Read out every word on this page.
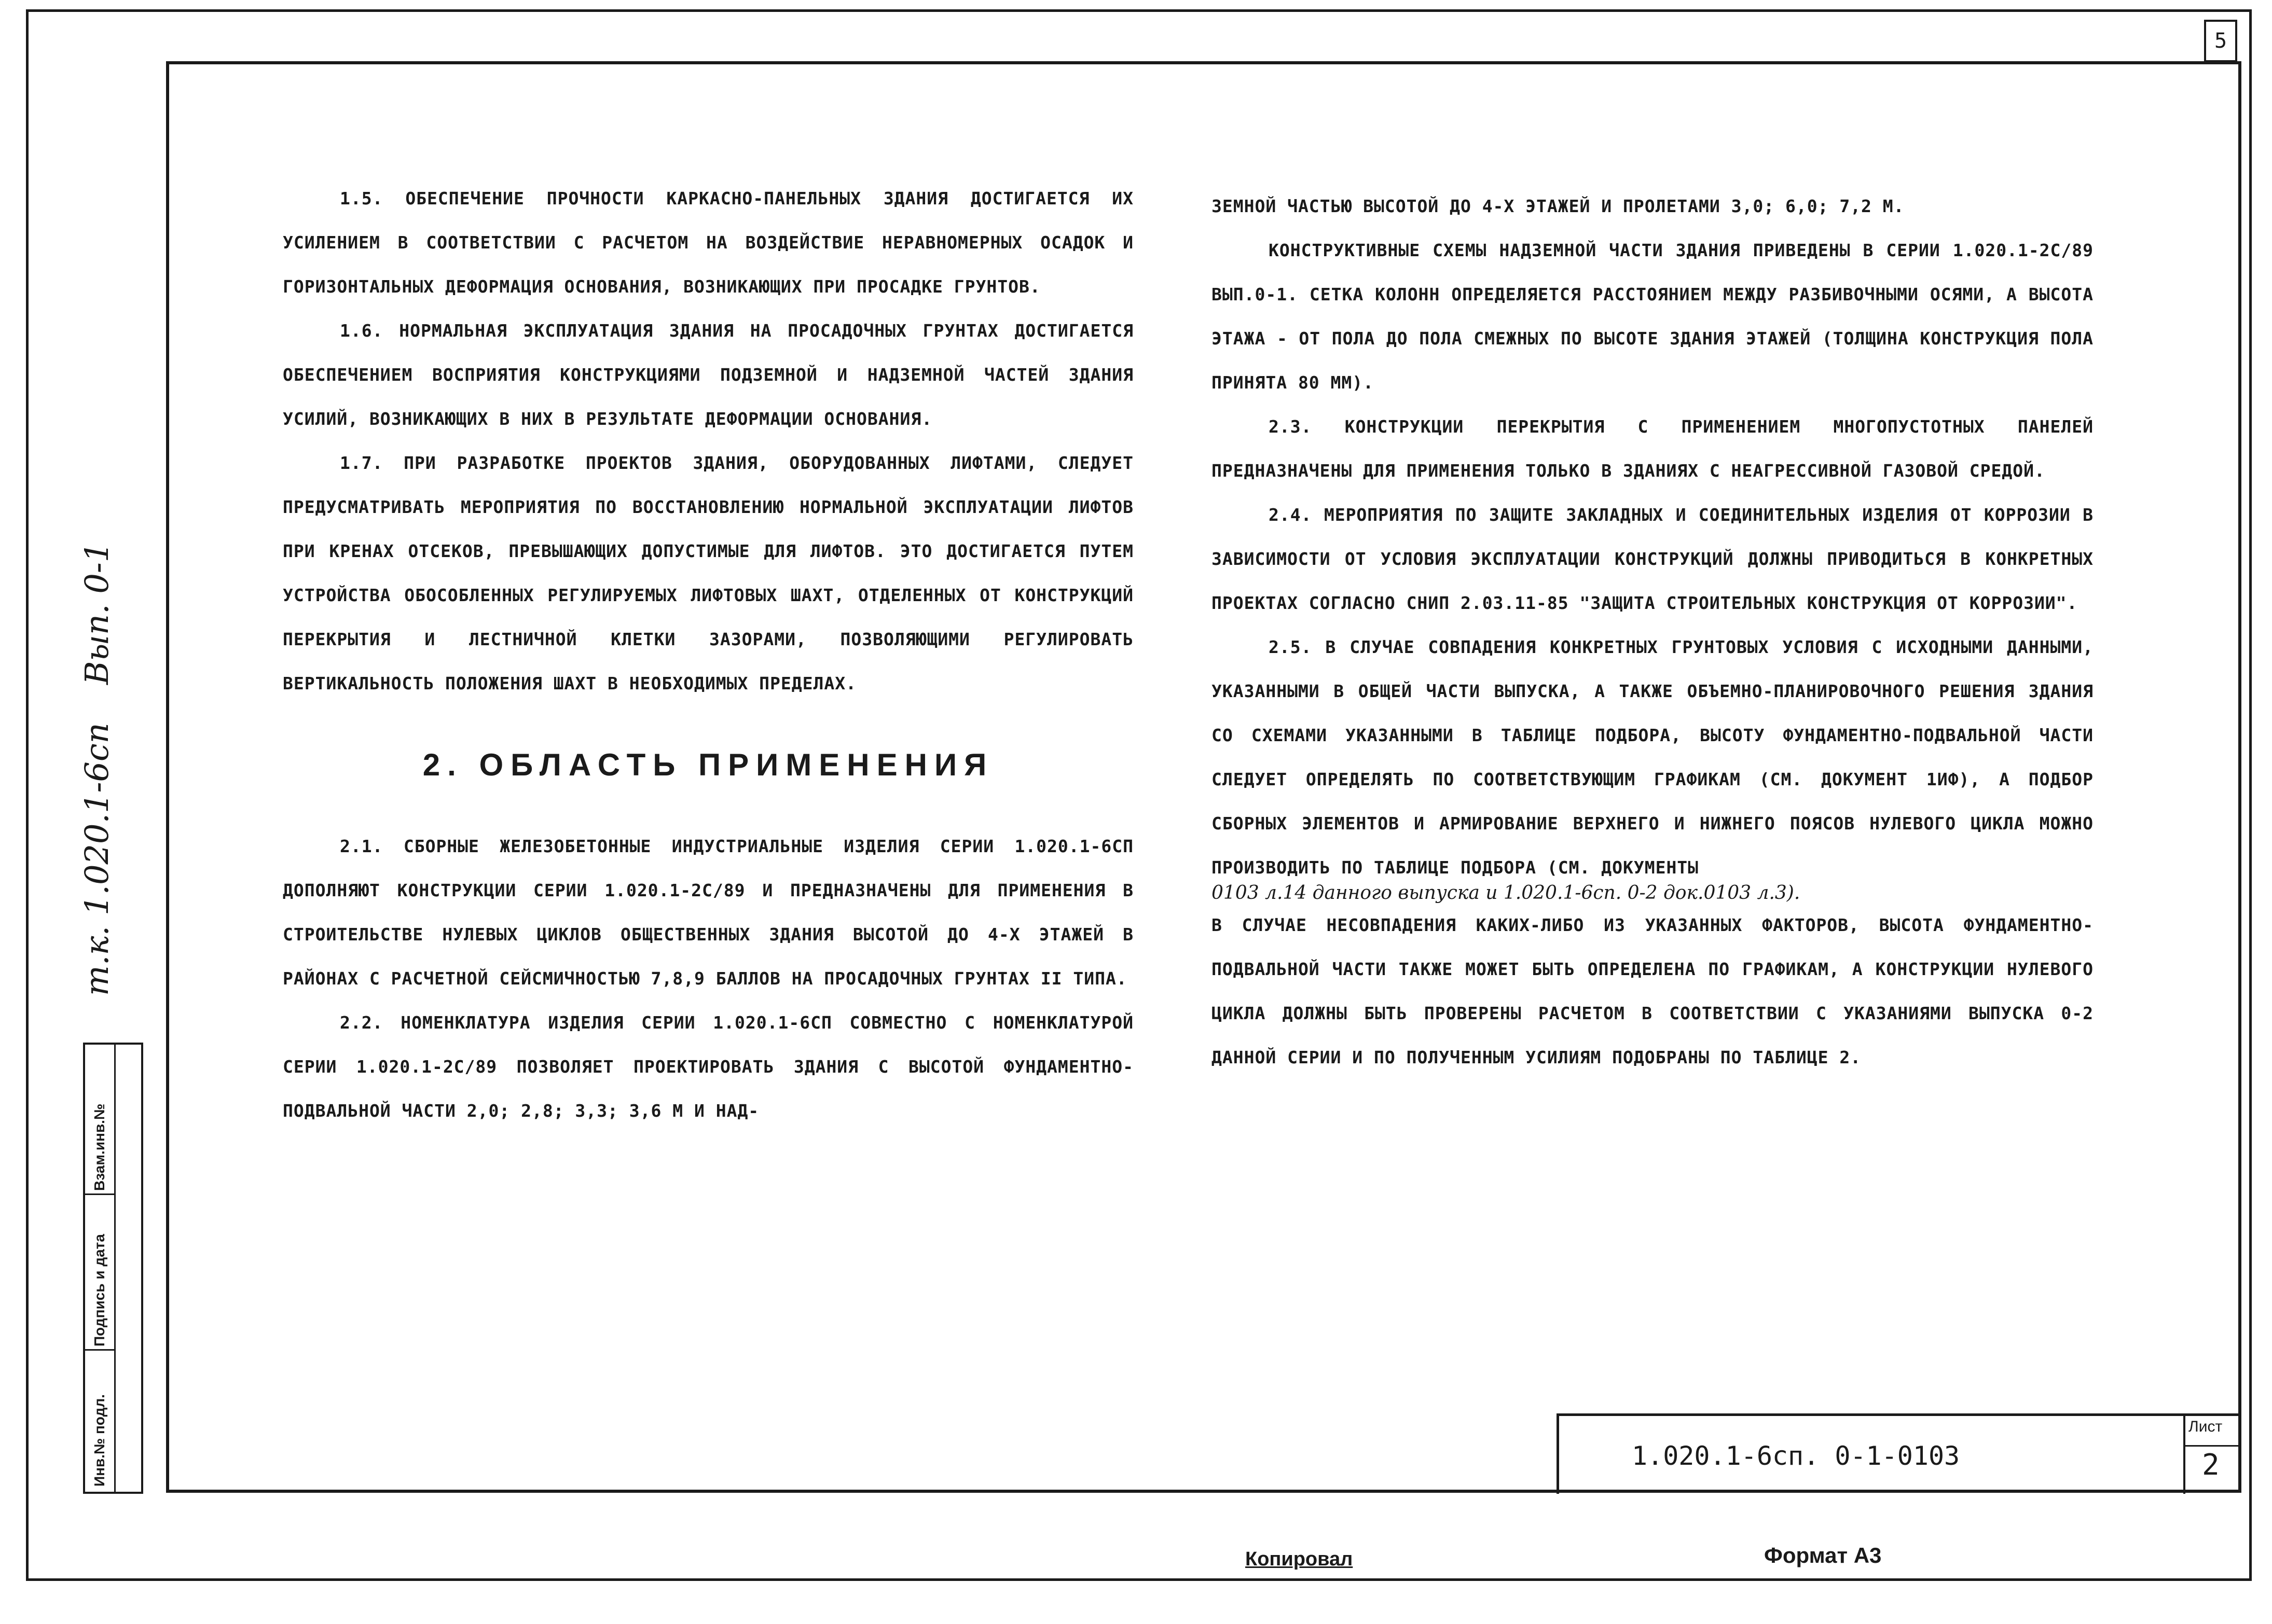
5
Вып. 0-1
т.к. 1.020.1-6сп
Взам.инв.№
Подпись и дата
Инв.№ подл.

1.5. ОБЕСПЕЧЕНИЕ ПРОЧНОСТИ КАРКАСНО-ПАНЕЛЬНЫХ ЗДАНИЯ ДОСТИГАЕТСЯ ИХ УСИЛЕНИЕМ В СООТВЕТСТВИИ С РАСЧЕТОМ НА ВОЗДЕЙСТВИЕ НЕРАВНОМЕРНЫХ ОСАДОК И ГОРИЗОНТАЛЬНЫХ ДЕФОРМАЦИЯ ОСНОВАНИЯ, ВОЗНИКАЮЩИХ ПРИ ПРОСАДКЕ ГРУНТОВ.

1.6. НОРМАЛЬНАЯ ЭКСПЛУАТАЦИЯ ЗДАНИЯ НА ПРОСАДОЧНЫХ ГРУНТАХ ДОСТИГАЕТСЯ ОБЕСПЕЧЕНИЕМ ВОСПРИЯТИЯ КОНСТРУКЦИЯМИ ПОДЗЕМНОЙ И НАДЗЕМНОЙ ЧАСТЕЙ ЗДАНИЯ УСИЛИЙ, ВОЗНИКАЮЩИХ В НИХ В РЕЗУЛЬТАТЕ ДЕФОРМАЦИИ ОСНОВАНИЯ.

1.7. ПРИ РАЗРАБОТКЕ ПРОЕКТОВ ЗДАНИЯ, ОБОРУДОВАННЫХ ЛИФТАМИ, СЛЕДУЕТ ПРЕДУСМАТРИВАТЬ МЕРОПРИЯТИЯ ПО ВОССТАНОВЛЕНИЮ НОРМАЛЬНОЙ ЭКСПЛУАТАЦИИ ЛИФТОВ ПРИ КРЕНАХ ОТСЕКОВ, ПРЕВЫШАЮЩИХ ДОПУСТИМЫЕ ДЛЯ ЛИФТОВ. ЭТО ДОСТИГАЕТСЯ ПУТЕМ УСТРОЙСТВА ОБОСОБЛЕННЫХ РЕГУЛИРУЕМЫХ ЛИФТОВЫХ ШАХТ, ОТДЕЛЕННЫХ ОТ КОНСТРУКЦИЙ ПЕРЕКРЫТИЯ И ЛЕСТНИЧНОЙ КЛЕТКИ ЗАЗОРАМИ, ПОЗВОЛЯЮЩИМИ РЕГУЛИРОВАТЬ ВЕРТИКАЛЬНОСТЬ ПОЛОЖЕНИЯ ШАХТ В НЕОБХОДИМЫХ ПРЕДЕЛАХ.

2. ОБЛАСТЬ ПРИМЕНЕНИЯ

2.1. СБОРНЫЕ ЖЕЛЕЗОБЕТОННЫЕ ИНДУСТРИАЛЬНЫЕ ИЗДЕЛИЯ СЕРИИ 1.020.1-6СП ДОПОЛНЯЮТ КОНСТРУКЦИИ СЕРИИ 1.020.1-2С/89 И ПРЕДНАЗНАЧЕНЫ ДЛЯ ПРИМЕНЕНИЯ В СТРОИТЕЛЬСТВЕ НУЛЕВЫХ ЦИКЛОВ ОБЩЕСТВЕННЫХ ЗДАНИЯ ВЫСОТОЙ ДО 4-Х ЭТАЖЕЙ В РАЙОНАХ С РАСЧЕТНОЙ СЕЙСМИЧНОСТЬЮ 7,8,9 БАЛЛОВ НА ПРОСАДОЧНЫХ ГРУНТАХ II ТИПА.

2.2. НОМЕНКЛАТУРА ИЗДЕЛИЯ СЕРИИ 1.020.1-6СП СОВМЕСТНО С НОМЕНКЛАТУРОЙ СЕРИИ 1.020.1-2С/89 ПОЗВОЛЯЕТ ПРОЕКТИРОВАТЬ ЗДАНИЯ С ВЫСОТОЙ ФУНДАМЕНТНО-ПОДВАЛЬНОЙ ЧАСТИ 2,0; 2,8; 3,3; 3,6 М И НАД-

ЗЕМНОЙ ЧАСТЬЮ ВЫСОТОЙ ДО 4-Х ЭТАЖЕЙ И ПРОЛЕТАМИ 3,0; 6,0; 7,2 М.

КОНСТРУКТИВНЫЕ СХЕМЫ НАДЗЕМНОЙ ЧАСТИ ЗДАНИЯ ПРИВЕДЕНЫ В СЕРИИ 1.020.1-2С/89 ВЫП.0-1. СЕТКА КОЛОНН ОПРЕДЕЛЯЕТСЯ РАССТОЯНИЕМ МЕЖДУ РАЗБИВОЧНЫМИ ОСЯМИ, А ВЫСОТА ЭТАЖА - ОТ ПОЛА ДО ПОЛА СМЕЖНЫХ ПО ВЫСОТЕ ЗДАНИЯ ЭТАЖЕЙ (ТОЛЩИНА КОНСТРУКЦИЯ ПОЛА ПРИНЯТА 80 ММ).

2.3. КОНСТРУКЦИИ ПЕРЕКРЫТИЯ С ПРИМЕНЕНИЕМ МНОГОПУСТОТНЫХ ПАНЕЛЕЙ ПРЕДНАЗНАЧЕНЫ ДЛЯ ПРИМЕНЕНИЯ ТОЛЬКО В ЗДАНИЯХ С НЕАГРЕССИВНОЙ ГАЗОВОЙ СРЕДОЙ.

2.4. МЕРОПРИЯТИЯ ПО ЗАЩИТЕ ЗАКЛАДНЫХ И СОЕДИНИТЕЛЬНЫХ ИЗДЕЛИЯ ОТ КОРРОЗИИ В ЗАВИСИМОСТИ ОТ УСЛОВИЯ ЭКСПЛУАТАЦИИ КОНСТРУКЦИЙ ДОЛЖНЫ ПРИВОДИТЬСЯ В КОНКРЕТНЫХ ПРОЕКТАХ СОГЛАСНО СНИП 2.03.11-85 "ЗАЩИТА СТРОИТЕЛЬНЫХ КОНСТРУКЦИЯ ОТ КОРРОЗИИ".

2.5. В СЛУЧАЕ СОВПАДЕНИЯ КОНКРЕТНЫХ ГРУНТОВЫХ УСЛОВИЯ С ИСХОДНЫМИ ДАННЫМИ, УКАЗАННЫМИ В ОБЩЕЙ ЧАСТИ ВЫПУСКА, А ТАКЖЕ ОБЪЕМНО-ПЛАНИРОВОЧНОГО РЕШЕНИЯ ЗДАНИЯ СО СХЕМАМИ УКАЗАННЫМИ В ТАБЛИЦЕ ПОДБОРА, ВЫСОТУ ФУНДАМЕНТНО-ПОДВАЛЬНОЙ ЧАСТИ СЛЕДУЕТ ОПРЕДЕЛЯТЬ ПО СООТВЕТСТВУЮЩИМ ГРАФИКАМ (СМ. ДОКУМЕНТ 1ИФ), А ПОДБОР СБОРНЫХ ЭЛЕМЕНТОВ И АРМИРОВАНИЕ ВЕРХНЕГО И НИЖНЕГО ПОЯСОВ НУЛЕВОГО ЦИКЛА МОЖНО ПРОИЗВОДИТЬ ПО ТАБЛИЦЕ ПОДБОРА (СМ. ДОКУМЕНТЫ

0103 л.14 данного выпуска и 1.020.1-6сп. 0-2 док.0103 л.3).

В СЛУЧАЕ НЕСОВПАДЕНИЯ КАКИХ-ЛИБО ИЗ УКАЗАННЫХ ФАКТОРОВ, ВЫСОТА ФУНДАМЕНТНО-ПОДВАЛЬНОЙ ЧАСТИ ТАКЖЕ МОЖЕТ БЫТЬ ОПРЕДЕЛЕНА ПО ГРАФИКАМ, А КОНСТРУКЦИИ НУЛЕВОГО ЦИКЛА ДОЛЖНЫ БЫТЬ ПРОВЕРЕНЫ РАСЧЕТОМ В СООТВЕТСТВИИ С УКАЗАНИЯМИ ВЫПУСКА 0-2 ДАННОЙ СЕРИИ И ПО ПОЛУЧЕННЫМ УСИЛИЯМ ПОДОБРАНЫ ПО ТАБЛИЦЕ 2.

1.020.1-6сп. 0-1-0103
Лист
2
Копировал	Формат А3
